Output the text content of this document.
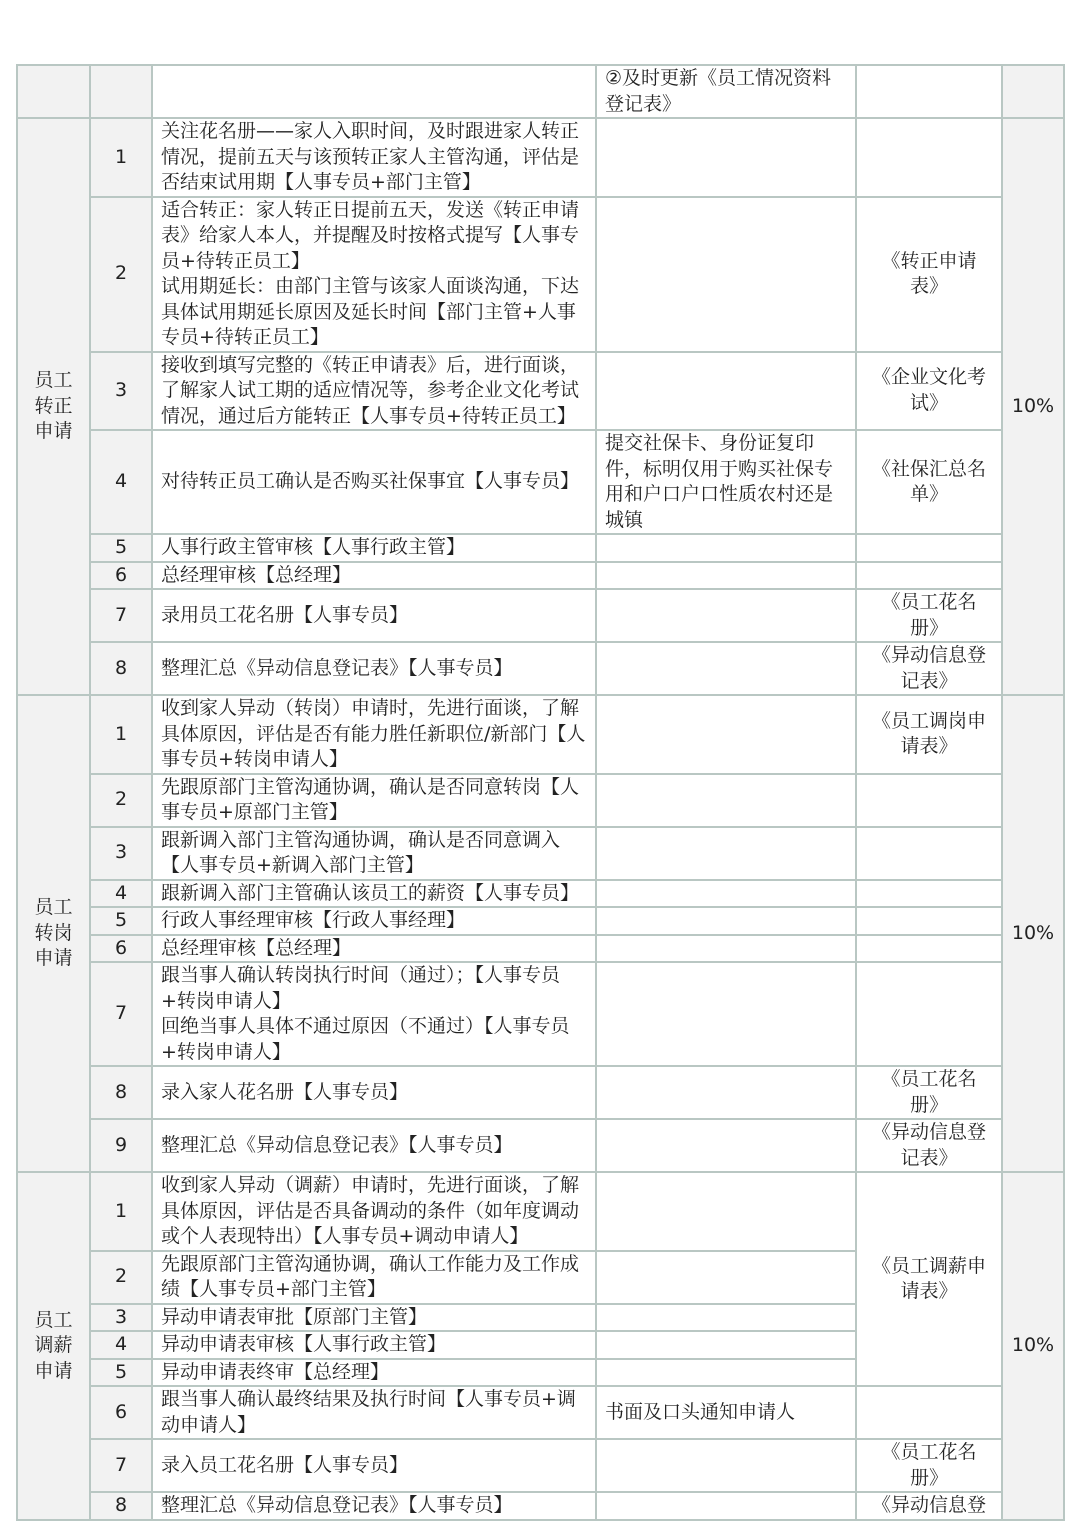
			②及时更新《员工情况资料登记表》		
员工
转正
申请	1	关注花名册——家人入职时间，及时跟进家人转正情况，提前五天与该预转正家人主管沟通，评估是否结束试用期【人事专员+部门主管】			10%
	2	适合转正：家人转正日提前五天，发送《转正申请表》给家人本人，并提醒及时按格式提写【人事专员+待转正员工】
试用期延长：由部门主管与该家人面谈沟通，下达具体试用期延长原因及延长时间【部门主管+人事专员+待转正员工】		《转正申请
表》	
	3	接收到填写完整的《转正申请表》后，进行面谈，了解家人试工期的适应情况等，参考企业文化考试情况，通过后方能转正【人事专员+待转正员工】		《企业文化考
试》	
	4	对待转正员工确认是否购买社保事宜【人事专员】	提交社保卡、身份证复印件，标明仅用于购买社保专用和户口户口性质农村还是城镇	《社保汇总名
单》	
	5	人事行政主管审核【人事行政主管】			
	6	总经理审核【总经理】			
	7	录用员工花名册【人事专员】		《员工花名
册》	
	8	整理汇总《异动信息登记表》【人事专员】		《异动信息登
记表》	
员工
转岗
申请	1	收到家人异动（转岗）申请时，先进行面谈，了解具体原因，评估是否有能力胜任新职位/新部门【人事专员+转岗申请人】		《员工调岗申
请表》	10%
	2	先跟原部门主管沟通协调，确认是否同意转岗【人事专员+原部门主管】			
	3	跟新调入部门主管沟通协调，确认是否同意调入【人事专员+新调入部门主管】			
	4	跟新调入部门主管确认该员工的薪资【人事专员】			
	5	行政人事经理审核【行政人事经理】			
	6	总经理审核【总经理】			
	7	跟当事人确认转岗执行时间（通过）；【人事专员+转岗申请人】
回绝当事人具体不通过原因（不通过）【人事专员+转岗申请人】			
	8	录入家人花名册【人事专员】		《员工花名
册》	
	9	整理汇总《异动信息登记表》【人事专员】		《异动信息登
记表》	
员工
调薪
申请	1	收到家人异动（调薪）申请时，先进行面谈，了解具体原因，评估是否具备调动的条件（如年度调动或个人表现特出）【人事专员+调动申请人】		《员工调薪申
请表》	10%
	2	先跟原部门主管沟通协调，确认工作能力及工作成绩【人事专员+部门主管】			
	3	异动申请表审批【原部门主管】			
	4	异动申请表审核【人事行政主管】			
	5	异动申请表终审【总经理】			
	6	跟当事人确认最终结果及执行时间【人事专员+调动申请人】	书面及口头通知申请人		
	7	录入员工花名册【人事专员】		《员工花名
册》	
	8	整理汇总《异动信息登记表》【人事专员】		《异动信息登	
